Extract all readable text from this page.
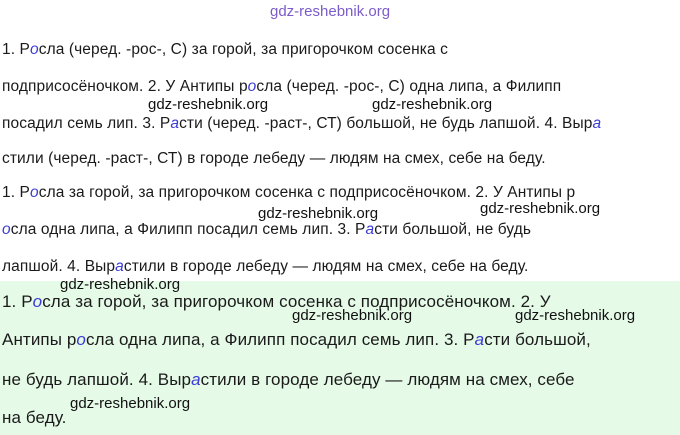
gdz-reshebnik.org
1. Росла (черед. -рос-, С) за горой, за пригорочком сосенка с
подприсосёночком. 2. У Антипы росла (черед. -рос-, С) одна липа, а Филипп
gdz-reshebnik.org	gdz-reshebnik.org
посадил семь лип. 3. Расти (черед. -раст-, СТ) большой, не будь лапшой. 4. Выра
стили (черед. -раст-, СТ) в городе лебеду — людям на смех, себе на беду.
1. Росла за горой, за пригорочком сосенка с подприсосёночком. 2. У Антипы р
gdz-reshebnik.org
gdz-reshebnik.org
осла одна липа, а Филипп посадил семь лип. 3. Расти большой, не будь
лапшой. 4. Вырастили в городе лебеду — людям на смех, себе на беду.
gdz-reshebnik.org
1. Росла за горой, за пригорочком сосенка с подприсосёночком. 2. У
gdz-reshebnik.org	gdz-reshebnik.org
Антипы росла одна липа, а Филипп посадил семь лип. 3. Расти большой,
не будь лапшой. 4. Вырастили в городе лебеду — людям на смех, себе
gdz-reshebnik.org
на беду.
